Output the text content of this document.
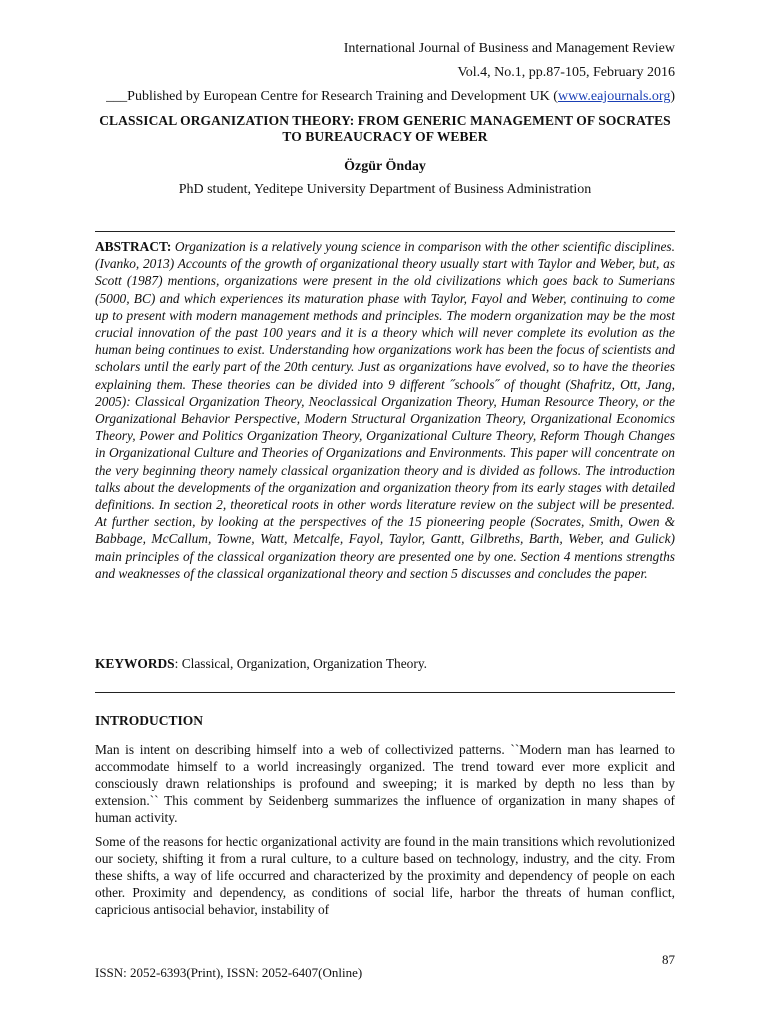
International Journal of Business and Management Review
Vol.4, No.1, pp.87-105, February 2016
___Published by European Centre for Research Training and Development UK (www.eajournals.org)
CLASSICAL ORGANIZATION THEORY: FROM GENERIC MANAGEMENT OF SOCRATES TO BUREAUCRACY OF WEBER
Özgür Önday
PhD student, Yeditepe University Department of Business Administration
ABSTRACT: Organization is a relatively young science in comparison with the other scientific disciplines. (Ivanko, 2013) Accounts of the growth of organizational theory usually start with Taylor and Weber, but, as Scott (1987) mentions, organizations were present in the old civilizations which goes back to Sumerians (5000, BC) and which experiences its maturation phase with Taylor, Fayol and Weber, continuing to come up to present with modern management methods and principles. The modern organization may be the most crucial innovation of the past 100 years and it is a theory which will never complete its evolution as the human being continues to exist. Understanding how organizations work has been the focus of scientists and scholars until the early part of the 20th century. Just as organizations have evolved, so to have the theories explaining them. These theories can be divided into 9 different ˝schools˝ of thought (Shafritz, Ott, Jang, 2005): Classical Organization Theory, Neoclassical Organization Theory, Human Resource Theory, or the Organizational Behavior Perspective, Modern Structural Organization Theory, Organizational Economics Theory, Power and Politics Organization Theory, Organizational Culture Theory, Reform Though Changes in Organizational Culture and Theories of Organizations and Environments. This paper will concentrate on the very beginning theory namely classical organization theory and is divided as follows. The introduction talks about the developments of the organization and organization theory from its early stages with detailed definitions. In section 2, theoretical roots in other words literature review on the subject will be presented. At further section, by looking at the perspectives of the 15 pioneering people (Socrates, Smith, Owen & Babbage, McCallum, Towne, Watt, Metcalfe, Fayol, Taylor, Gantt, Gilbreths, Barth, Weber, and Gulick) main principles of the classical organization theory are presented one by one. Section 4 mentions strengths and weaknesses of the classical organizational theory and section 5 discusses and concludes the paper.
KEYWORDS: Classical, Organization, Organization Theory.
INTRODUCTION
Man is intent on describing himself into a web of collectivized patterns. ``Modern man has learned to accommodate himself to a world increasingly organized. The trend toward ever more explicit and consciously drawn relationships is profound and sweeping; it is marked by depth no less than by extension.`` This comment by Seidenberg summarizes the influence of organization in many shapes of human activity.
Some of the reasons for hectic organizational activity are found in the main transitions which revolutionized our society, shifting it from a rural culture, to a culture based on technology, industry, and the city. From these shifts, a way of life occurred and characterized by the proximity and dependency of people on each other. Proximity and dependency, as conditions of social life, harbor the threats of human conflict, capricious antisocial behavior, instability of
87
ISSN: 2052-6393(Print), ISSN: 2052-6407(Online)
